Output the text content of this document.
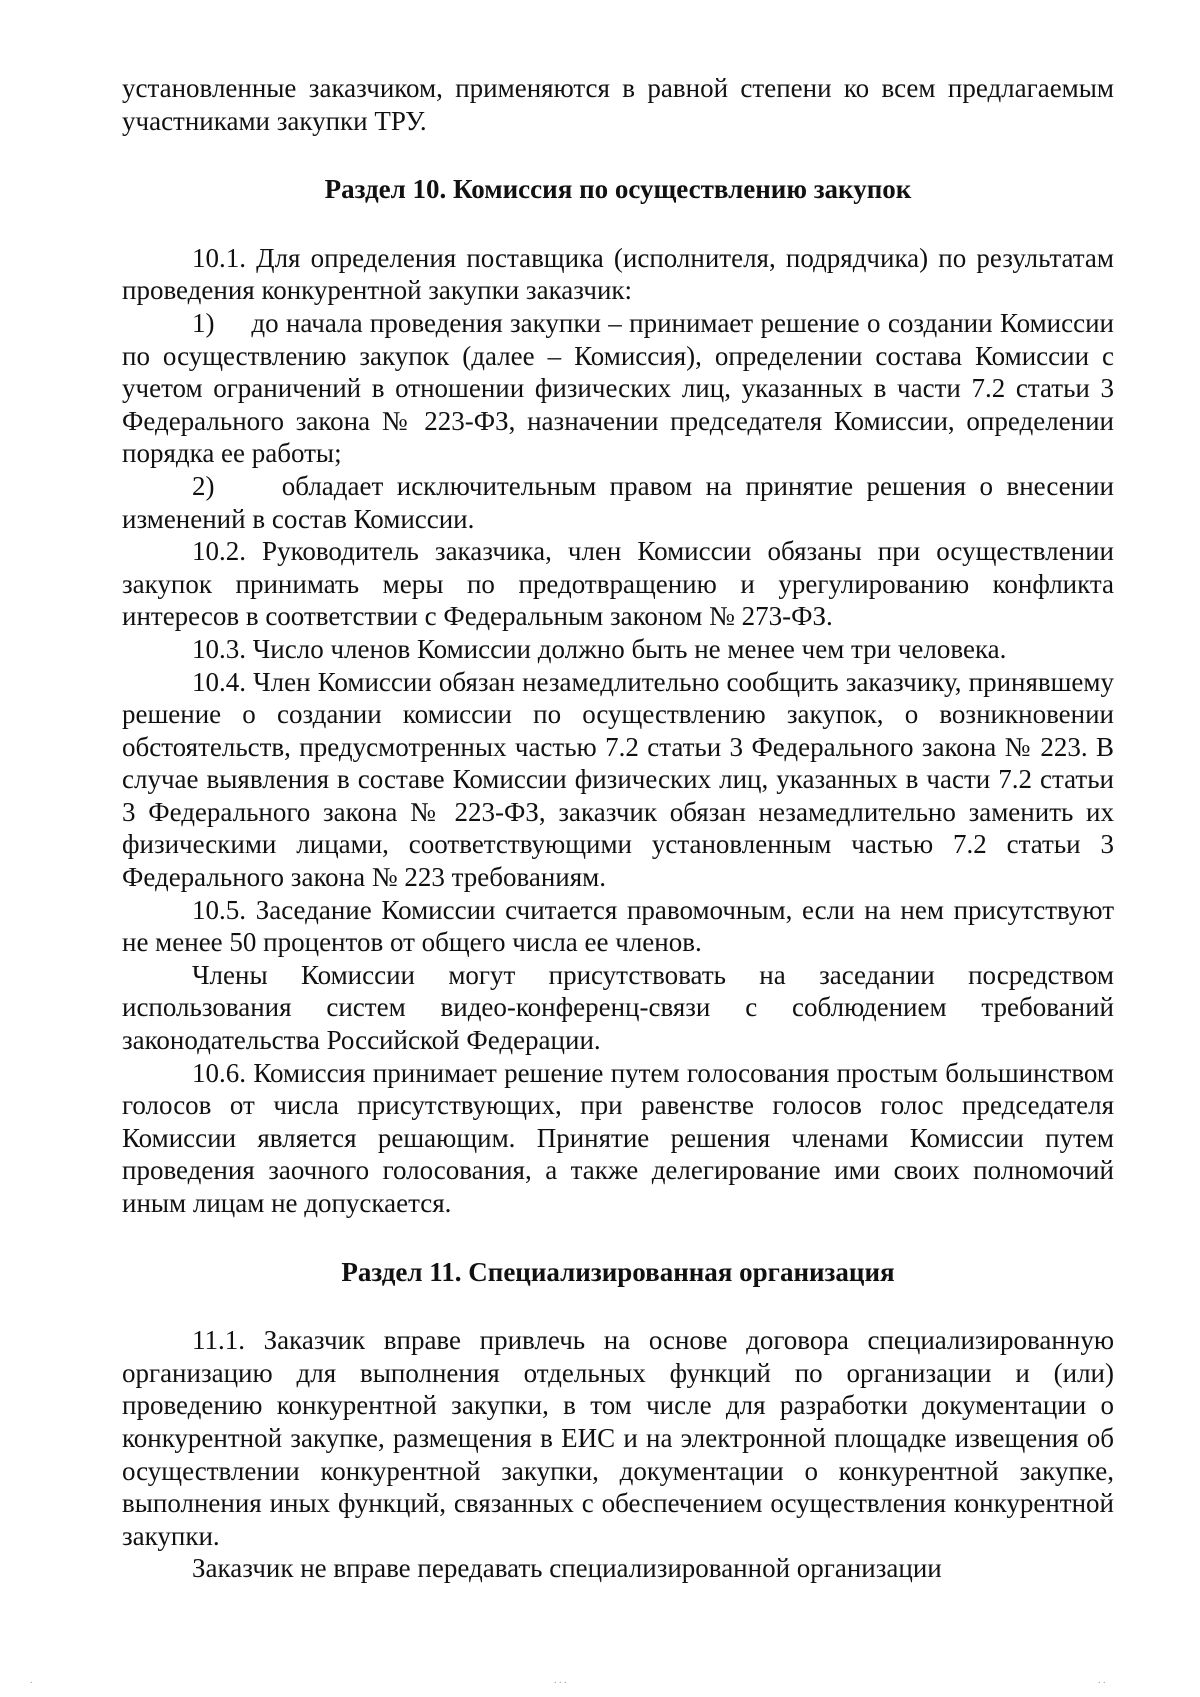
установленные заказчиком, применяются в равной степени ко всем предлагаемым участниками закупки ТРУ.

Раздел 10. Комиссия по осуществлению закупок

10.1. Для определения поставщика (исполнителя, подрядчика) по результатам проведения конкурентной закупки заказчик:

1)     до начала проведения закупки – принимает решение о создании Комиссии по осуществлению закупок (далее – Комиссия), определении состава Комиссии с учетом ограничений в отношении физических лиц, указанных в части 7.2 статьи 3 Федерального закона № 223-ФЗ, назначении председателя Комиссии, определении порядка ее работы;

2)     обладает исключительным правом на принятие решения о внесении изменений в состав Комиссии.

10.2. Руководитель заказчика, член Комиссии обязаны при осуществлении закупок принимать меры по предотвращению и урегулированию конфликта интересов в соответствии с Федеральным законом № 273-ФЗ.

10.3. Число членов Комиссии должно быть не менее чем три человека.

10.4. Член Комиссии обязан незамедлительно сообщить заказчику, принявшему решение о создании комиссии по осуществлению закупок, о возникновении обстоятельств, предусмотренных частью 7.2 статьи 3 Федерального закона № 223. В случае выявления в составе Комиссии физических лиц, указанных в части 7.2 статьи 3 Федерального закона № 223-ФЗ, заказчик обязан незамедлительно заменить их физическими лицами, соответствующими установленным частью 7.2 статьи 3 Федерального закона № 223 требованиям.

10.5. Заседание Комиссии считается правомочным, если на нем присутствуют не менее 50 процентов от общего числа ее членов.

Члены Комиссии могут присутствовать на заседании посредством использования систем видео-конференц-связи с соблюдением требований законодательства Российской Федерации.

10.6. Комиссия принимает решение путем голосования простым большинством голосов от числа присутствующих, при равенстве голосов голос председателя Комиссии является решающим. Принятие решения членами Комиссии путем проведения заочного голосования, а также делегирование ими своих полномочий иным лицам не допускается.

Раздел 11. Специализированная организация

11.1. Заказчик вправе привлечь на основе договора специализированную организацию для выполнения отдельных функций по организации и (или) проведению конкурентной закупки, в том числе для разработки документации о конкурентной закупке, размещения в ЕИС и на электронной площадке извещения об осуществлении конкурентной закупки, документации о конкурентной закупке, выполнения иных функций, связанных с обеспечением осуществления конкурентной закупки.

Заказчик не вправе передавать специализированной организации

. . .	. .
.
